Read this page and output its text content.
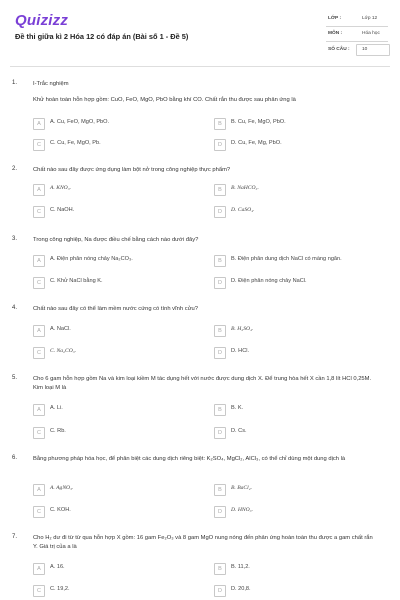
Quizizz
Đề thi giữa kì 2 Hóa 12 có đáp án (Bài số 1 - Đề 5)
LỚP :	Lớp 12
MÔN :	Hóa học
SỐ CÂU :	10
1.	I-Trắc nghiệm
Khử hoàn toàn hỗn hợp gồm: CuO, FeO, MgO, PbO bằng khí CO. Chất rắn thu được sau phản ứng là
A	A. Cu, FeO, MgO, PbO.	B	B. Cu, Fe, MgO, PbO.
C	C. Cu, Fe, MgO, Pb.	D	D. Cu, Fe, Mg, PbO.
2.	Chất nào sau đây được ứng dụng làm bột nở trong công nghiệp thực phẩm?
A	A. KNO₃.	B	B. NaHCO₃.
C	C. NaOH.	D	D. CaSO₄.
3.	Trong công nghiệp, Na được điều chế bằng cách nào dưới đây?
A	A. Điện phân nóng chảy Na₂CO₃.	B	B. Điện phân dung dịch NaCl có màng ngăn.
C	C. Khử NaCl bằng K.	D	D. Điện phân nóng chảy NaCl.
4.	Chất nào sau đây có thể làm mềm nước cứng có tính vĩnh cửu?
A	A. NaCl.	B	B. H₂SO₄.
C	C. Na₂CO₃.	D	D. HCl.
5.	Cho 6 gam hỗn hợp gồm Na và kim loại kiềm M tác dụng hết với nước được dung dịch X. Để trung hòa hết X cần 1,8 lít HCl 0,25M. Kim loại M là
A	A. Li.	B	B. K.
C	C. Rb.	D	D. Cs.
6.	Bằng phương pháp hóa học, để phân biệt các dung dịch riêng biệt: K₂SO₄, MgCl₂, AlCl₃, có thể chỉ dùng một dung dịch là
A	A. AgNO₃.	B	B. BaCl₂.
C	C. KOH.	D	D. HNO₃.
7.	Cho H₂ dư đi từ từ qua hỗn hợp X gồm: 16 gam Fe₂O₃ và 8 gam MgO nung nóng đến phản ứng hoàn toàn thu được a gam chất rắn Y. Giá trị của a là
A	A. 16.	B	B. 11,2.
C	C. 19,2.	D	D. 20,8.
